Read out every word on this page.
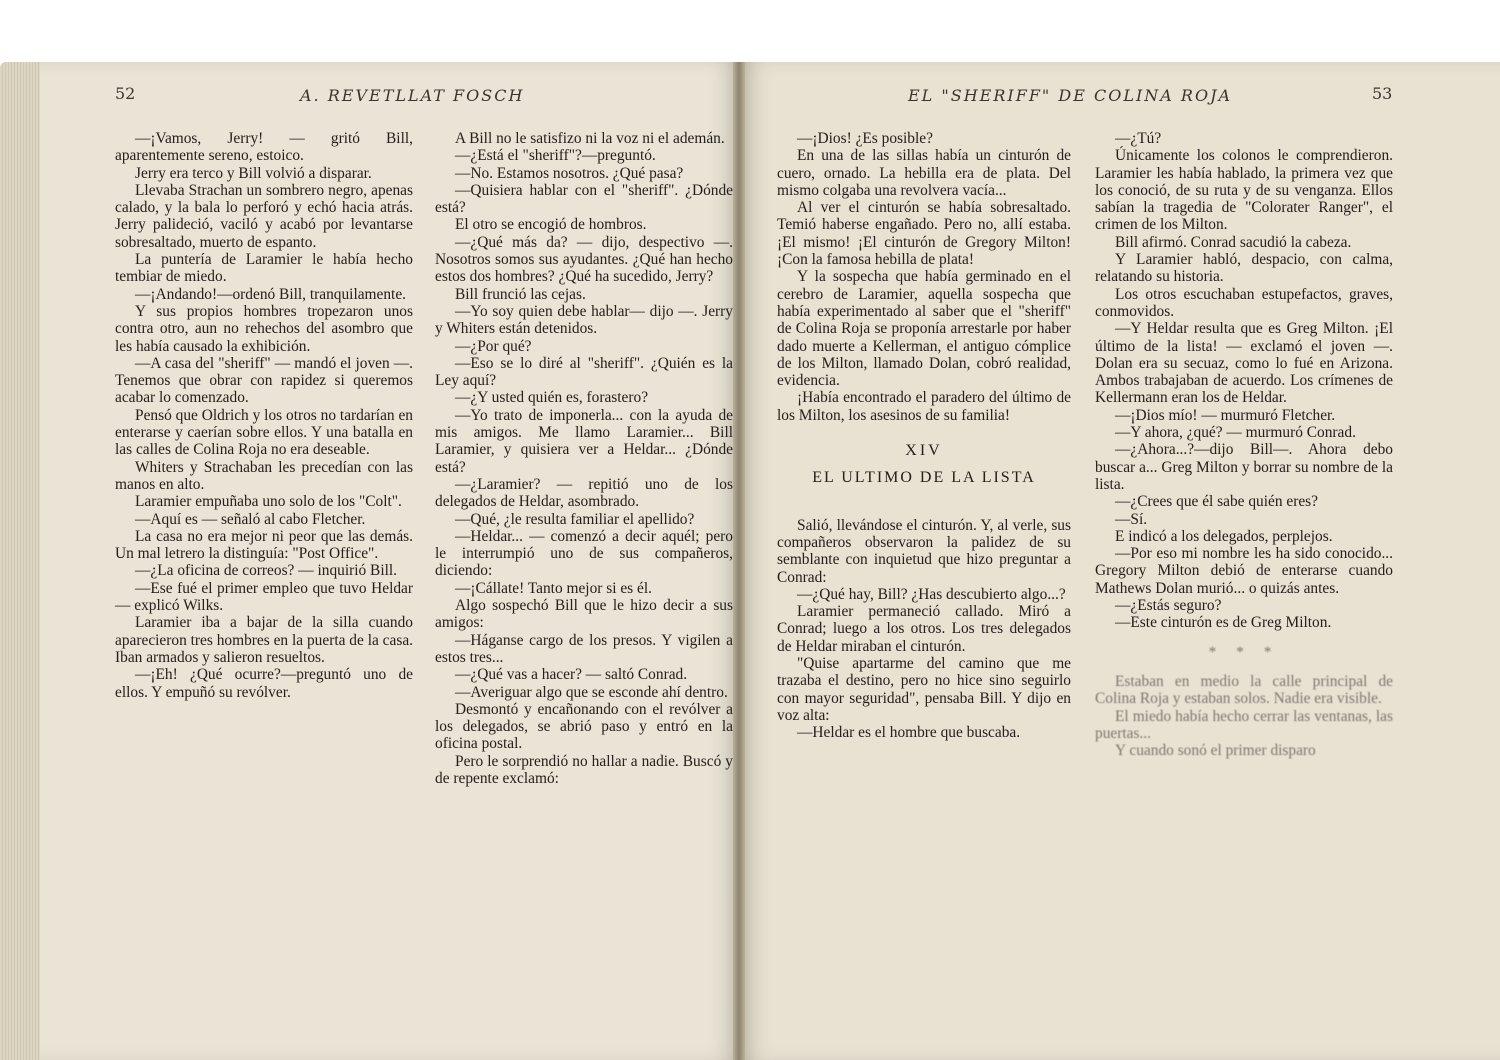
52	A. REVETLLAT FOSCH

—¡Vamos, Jerry! — gritó Bill, aparentemente sereno, estoico.

Jerry era terco y Bill volvió a disparar.

Llevaba Strachan un sombrero negro, apenas calado, y la bala lo perforó y echó hacia atrás. Jerry palideció, vaciló y acabó por levantarse sobresaltado, muerto de espanto.

La puntería de Laramier le había hecho tembiar de miedo.

—¡Andando!—ordenó Bill, tranquilamente.

Y sus propios hombres tropezaron unos contra otro, aun no rehechos del asombro que les había causado la exhibición.

—A casa del "sheriff" — mandó el joven —. Tenemos que obrar con rapidez si queremos acabar lo comenzado.

Pensó que Oldrich y los otros no tardarían en enterarse y caerían sobre ellos. Y una batalla en las calles de Colina Roja no era deseable.

Whiters y Strachaban les precedían con las manos en alto.

Laramier empuñaba uno solo de los "Colt".

—Aquí es — señaló al cabo Fletcher.

La casa no era mejor ni peor que las demás. Un mal letrero la distinguía: "Post Office".

—¿La oficina de correos? — inquirió Bill.

—Ese fué el primer empleo que tuvo Heldar — explicó Wilks.

Laramier iba a bajar de la silla cuando aparecieron tres hombres en la puerta de la casa. Iban armados y salieron resueltos.

—¡Eh! ¿Qué ocurre?—preguntó uno de ellos. Y empuñó su revólver.

A Bill no le satisfizo ni la voz ni el ademán.

—¿Está el "sheriff"?—preguntó.

—No. Estamos nosotros. ¿Qué pasa?

—Quisiera hablar con el "sheriff". ¿Dónde está?

El otro se encogió de hombros.

—¿Qué más da? — dijo, despectivo —. Nosotros somos sus ayudantes. ¿Qué han hecho estos dos hombres? ¿Qué ha sucedido, Jerry?

Bill frunció las cejas.

—Yo soy quien debe hablar— dijo —. Jerry y Whiters están detenidos.

—¿Por qué?

—Eso se lo diré al "sheriff". ¿Quién es la Ley aquí?

—¿Y usted quién es, forastero?

—Yo trato de imponerla... con la ayuda de mis amigos. Me llamo Laramier... Bill Laramier, y quisiera ver a Heldar... ¿Dónde está?

—¿Laramier? — repitió uno de los delegados de Heldar, asombrado.

—Qué, ¿le resulta familiar el apellido?

—Heldar... — comenzó a decir aquél; pero le interrumpió uno de sus compañeros, diciendo:

—¡Cállate! Tanto mejor si es él.

Algo sospechó Bill que le hizo decir a sus amigos:

—Háganse cargo de los presos. Y vigilen a estos tres...

—¿Qué vas a hacer? — saltó Conrad.

—Averiguar algo que se esconde ahí dentro.

Desmontó y encañonando con el revólver a los delegados, se abrió paso y entró en la oficina postal.

Pero le sorprendió no hallar a nadie. Buscó y de repente exclamó:

EL "SHERIFF" DE COLINA ROJA	53

—¡Dios! ¿Es posible?

En una de las sillas había un cinturón de cuero, ornado. La hebilla era de plata. Del mismo colgaba una revolvera vacía...

Al ver el cinturón se había sobresaltado. Temió haberse engañado. Pero no, allí estaba. ¡El mismo! ¡El cinturón de Gregory Milton! ¡Con la famosa hebilla de plata!

Y la sospecha que había germinado en el cerebro de Laramier, aquella sospecha que había experimentado al saber que el "sheriff" de Colina Roja se proponía arrestarle por haber dado muerte a Kellerman, el antiguo cómplice de los Milton, llamado Dolan, cobró realidad, evidencia.

¡Había encontrado el paradero del último de los Milton, los asesinos de su familia!

XIV

EL ULTIMO DE LA LISTA

Salió, llevándose el cinturón. Y, al verle, sus compañeros observaron la palidez de su semblante con inquietud que hizo preguntar a Conrad:

—¿Qué hay, Bill? ¿Has descubierto algo...?

Laramier permaneció callado. Miró a Conrad; luego a los otros. Los tres delegados de Heldar miraban el cinturón.

"Quise apartarme del camino que me trazaba el destino, pero no hice sino seguirlo con mayor seguridad", pensaba Bill. Y dijo en voz alta:

—Heldar es el hombre que buscaba.

—¿Tú?

Únicamente los colonos le comprendieron. Laramier les había hablado, la primera vez que los conoció, de su ruta y de su venganza. Ellos sabían la tragedia de "Colorater Ranger", el crimen de los Milton.

Bill afirmó. Conrad sacudió la cabeza.

Y Laramier habló, despacio, con calma, relatando su historia.

Los otros escuchaban estupefactos, graves, conmovidos.

—Y Heldar resulta que es Greg Milton. ¡El último de la lista! — exclamó el joven —. Dolan era su secuaz, como lo fué en Arizona. Ambos trabajaban de acuerdo. Los crímenes de Kellermann eran los de Heldar.

—¡Dios mío! — murmuró Fletcher.

—Y ahora, ¿qué? — murmuró Conrad.

—¿Ahora...?—dijo Bill—. Ahora debo buscar a... Greg Milton y borrar su nombre de la lista.

—¿Crees que él sabe quién eres?

—Sí.

E indicó a los delegados, perplejos.

—Por eso mi nombre les ha sido conocido... Gregory Milton debió de enterarse cuando Mathews Dolan murió... o quizás antes.

—¿Estás seguro?

—Este cinturón es de Greg Milton.

* * *

Estaban en medio la calle principal de Colina Roja y estaban solos. Nadie era visible.

El miedo había hecho cerrar las ventanas, las puertas...

Y cuando sonó el primer disparo
